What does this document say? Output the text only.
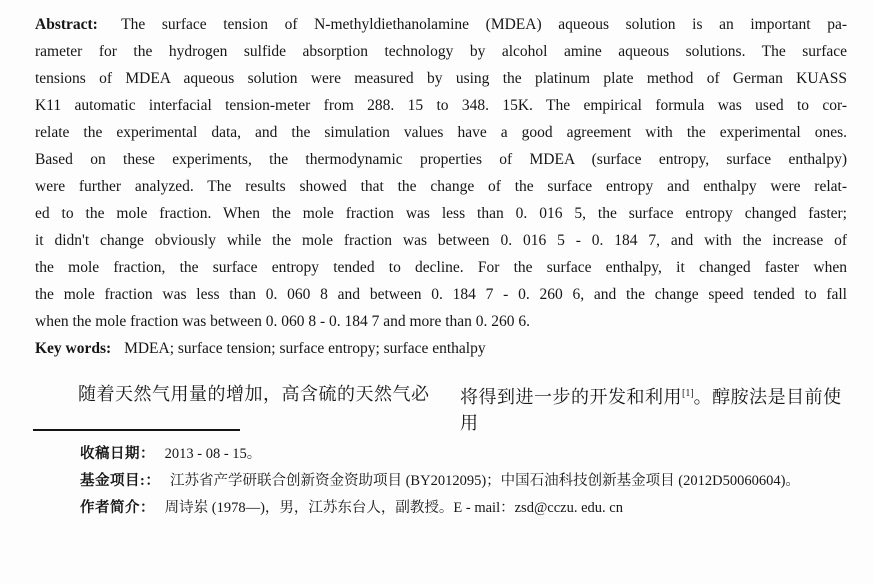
Abstract: The surface tension of N-methyldiethanolamine (MDEA) aqueous solution is an important pa-
rameter for the hydrogen sulfide absorption technology by alcohol amine aqueous solutions. The surface
tensions of MDEA aqueous solution were measured by using the platinum plate method of German KUASS
K11 automatic interfacial tension-meter from 288. 15 to 348. 15K. The empirical formula was used to cor-
relate the experimental data, and the simulation values have a good agreement with the experimental ones.
Based on these experiments, the thermodynamic properties of MDEA (surface entropy, surface enthalpy)
were further analyzed. The results showed that the change of the surface entropy and enthalpy were relat-
ed to the mole fraction. When the mole fraction was less than 0. 016 5, the surface entropy changed faster;
it didn't change obviously while the mole fraction was between 0. 016 5 - 0. 184 7, and with the increase of
the mole fraction, the surface entropy tended to decline. For the surface enthalpy, it changed faster when
the mole fraction was less than 0. 060 8 and between 0. 184 7 - 0. 260 6, and the change speed tended to fall
when the mole fraction was between 0. 060 8 - 0. 184 7 and more than 0. 260 6.
Key words: MDEA; surface tension; surface entropy; surface enthalpy
随着天然气用量的增加，高含硫的天然气必 将得到进一步的开发和利用[1]。醇胺法是目前使用
收稿日期： 2013 - 08 - 15。
基金项目:： 江苏省产学研联合创新资金资助项目 (BY2012095)；中国石油科技创新基金项目 (2012D50060604)。
作者简介： 周诗岽 (1978—)，男，江苏东台人，副教授。E - mail：zsd@cczu. edu. cn
